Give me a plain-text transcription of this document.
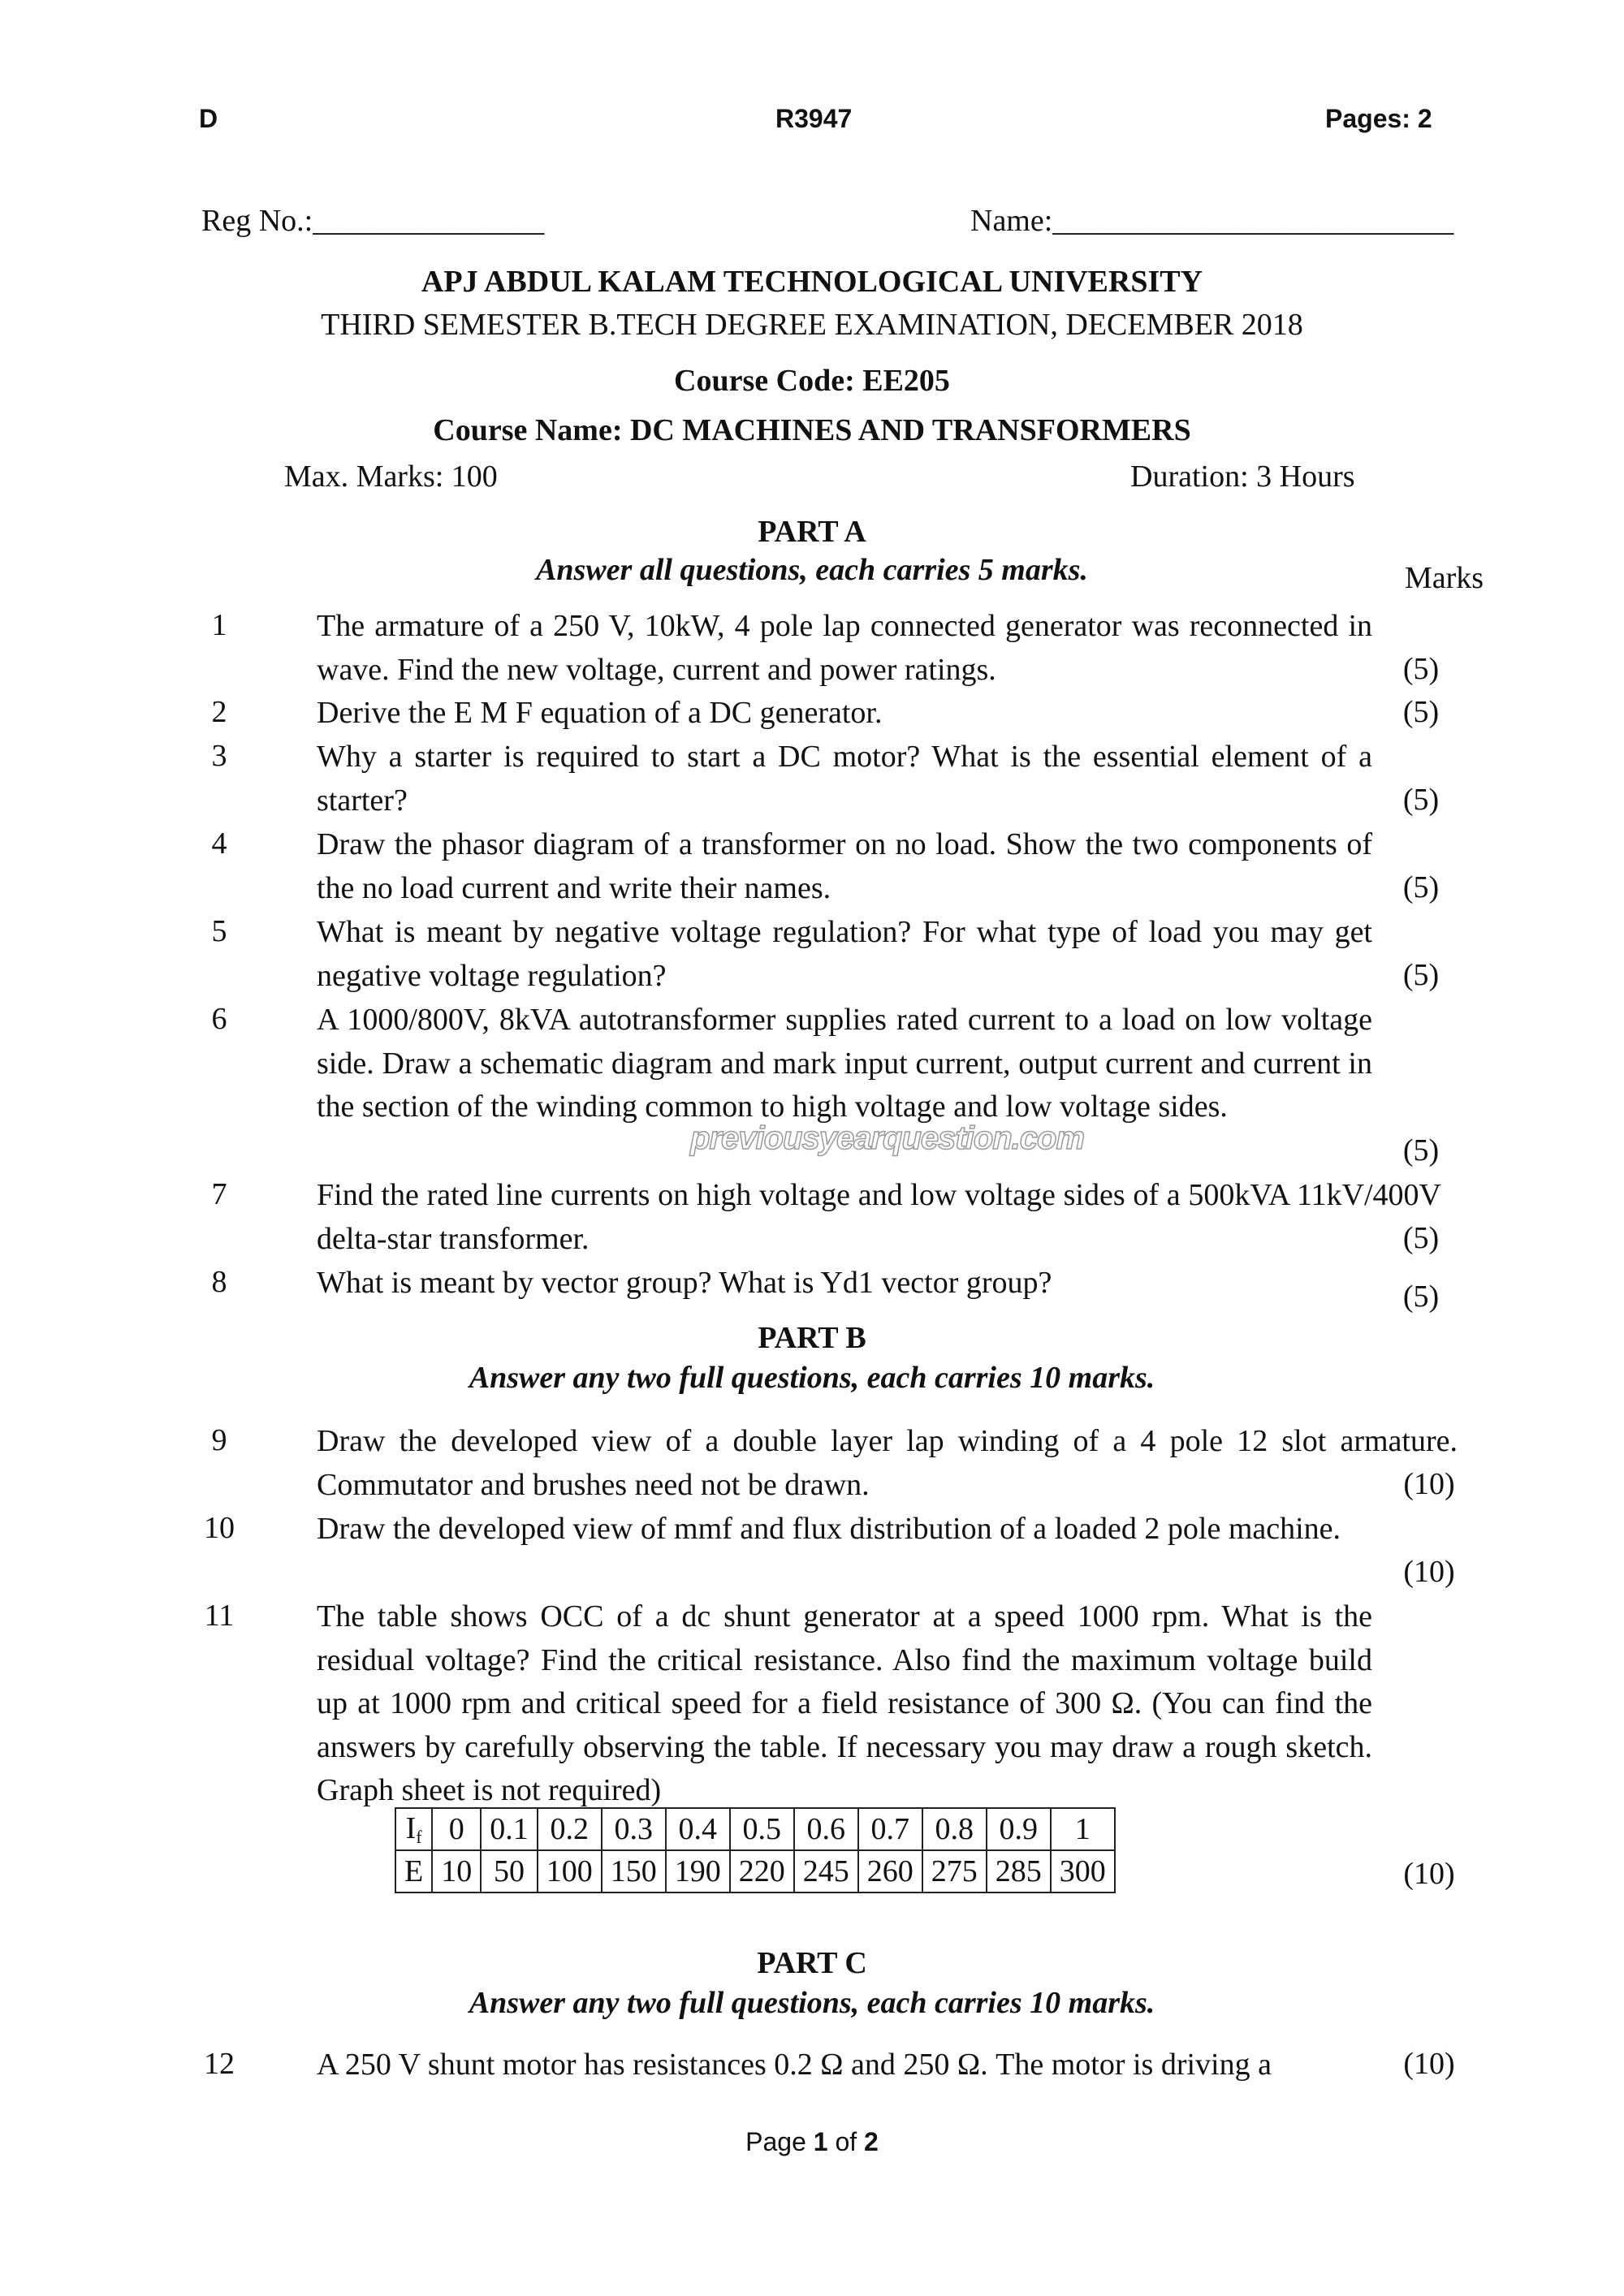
D	R3947	Pages: 2
Reg No.:_______________	Name:__________________________
APJ ABDUL KALAM TECHNOLOGICAL UNIVERSITY
THIRD SEMESTER B.TECH DEGREE EXAMINATION, DECEMBER 2018
Course Code: EE205
Course Name: DC MACHINES AND TRANSFORMERS
Max. Marks: 100	Duration: 3 Hours
PART A
Answer all questions, each carries 5 marks.	Marks
1	The armature of a 250 V, 10kW, 4 pole lap connected generator was reconnected in wave. Find the new voltage, current and power ratings.	(5)
2	Derive the E M F equation of a DC generator.	(5)
3	Why a starter is required to start a DC motor? What is the essential element of a starter?	(5)
4	Draw the phasor diagram of a transformer on no load. Show the two components of the no load current and write their names.	(5)
5	What is meant by negative voltage regulation? For what type of load you may get negative voltage regulation?	(5)
6	A 1000/800V, 8kVA autotransformer supplies rated current to a load on low voltage side. Draw a schematic diagram and mark input current, output current and current in the section of the winding common to high voltage and low voltage sides.
(5)
previousyearquestion.com
7	Find the rated line currents on high voltage and low voltage sides of a 500kVA 11kV/400V delta-star transformer.	(5)
8	What is meant by vector group? What is Yd1 vector group?	(5)
PART B
Answer any two full questions, each carries 10 marks.
9	Draw the developed view of a double layer lap winding of a 4 pole 12 slot armature. Commutator and brushes need not be drawn.	(10)
10	Draw the developed view of mmf and flux distribution of a loaded 2 pole machine.
(10)
11	The table shows OCC of a dc shunt generator at a speed 1000 rpm. What is the residual voltage? Find the critical resistance. Also find the maximum voltage build up at 1000 rpm and critical speed for a field resistance of 300 Ω. (You can find the answers by carefully observing the table. If necessary you may draw a rough sketch. Graph sheet is not required)
$I_f$	0	0.1	0.2	0.3	0.4	0.5	0.6	0.7	0.8	0.9	1
E	10	50	100	150	190	220	245	260	275	285	300	(10)
PART C
Answer any two full questions, each carries 10 marks.
12	A 250 V shunt motor has resistances 0.2 Ω and 250 Ω. The motor is driving a	(10)
Page 1 of 2
